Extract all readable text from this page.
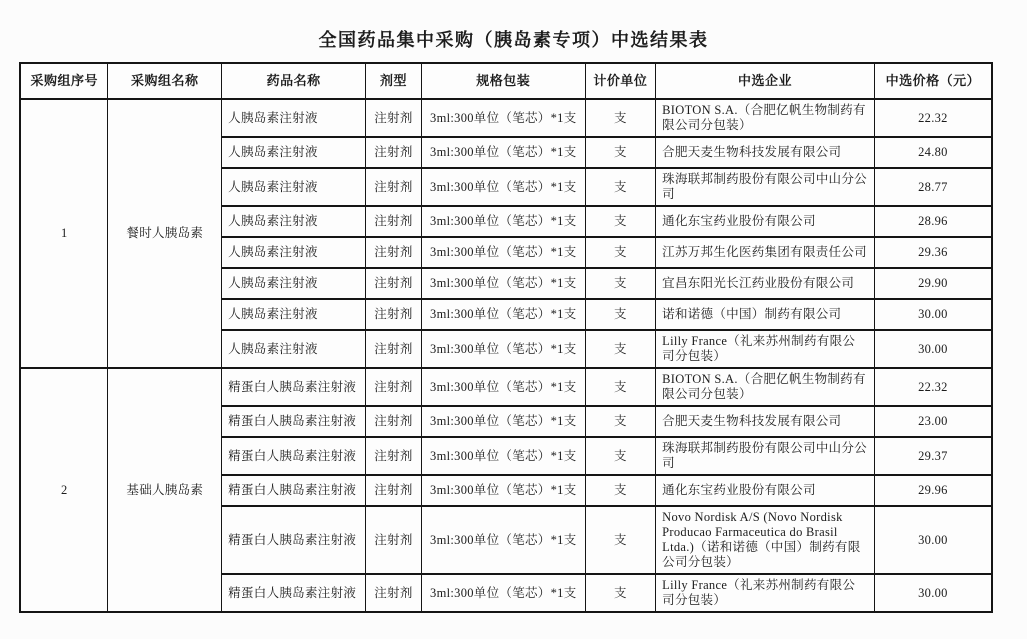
全国药品集中采购（胰岛素专项）中选结果表
采购组序号	采购组名称	药品名称	剂型	规格包装	计价单位	中选企业	中选价格（元）
1	餐时人胰岛素	人胰岛素注射液	注射剂	3ml:300单位（笔芯）*1支	支	BIOTON S.A.（合肥亿帆生物制药有限公司分包装）	22.32
		人胰岛素注射液	注射剂	3ml:300单位（笔芯）*1支	支	合肥天麦生物科技发展有限公司	24.80
		人胰岛素注射液	注射剂	3ml:300单位（笔芯）*1支	支	珠海联邦制药股份有限公司中山分公司	28.77
		人胰岛素注射液	注射剂	3ml:300单位（笔芯）*1支	支	通化东宝药业股份有限公司	28.96
		人胰岛素注射液	注射剂	3ml:300单位（笔芯）*1支	支	江苏万邦生化医药集团有限责任公司	29.36
		人胰岛素注射液	注射剂	3ml:300单位（笔芯）*1支	支	宜昌东阳光长江药业股份有限公司	29.90
		人胰岛素注射液	注射剂	3ml:300单位（笔芯）*1支	支	诺和诺德（中国）制药有限公司	30.00
		人胰岛素注射液	注射剂	3ml:300单位（笔芯）*1支	支	Lilly France（礼来苏州制药有限公司分包装）	30.00
2	基础人胰岛素	精蛋白人胰岛素注射液	注射剂	3ml:300单位（笔芯）*1支	支	BIOTON S.A.（合肥亿帆生物制药有限公司分包装）	22.32
		精蛋白人胰岛素注射液	注射剂	3ml:300单位（笔芯）*1支	支	合肥天麦生物科技发展有限公司	23.00
		精蛋白人胰岛素注射液	注射剂	3ml:300单位（笔芯）*1支	支	珠海联邦制药股份有限公司中山分公司	29.37
		精蛋白人胰岛素注射液	注射剂	3ml:300单位（笔芯）*1支	支	通化东宝药业股份有限公司	29.96
		精蛋白人胰岛素注射液	注射剂	3ml:300单位（笔芯）*1支	支	Novo Nordisk A/S (Novo Nordisk Producao Farmaceutica do Brasil Ltda.)（诺和诺德（中国）制药有限公司分包装）	30.00
		精蛋白人胰岛素注射液	注射剂	3ml:300单位（笔芯）*1支	支	Lilly France（礼来苏州制药有限公司分包装）	30.00
